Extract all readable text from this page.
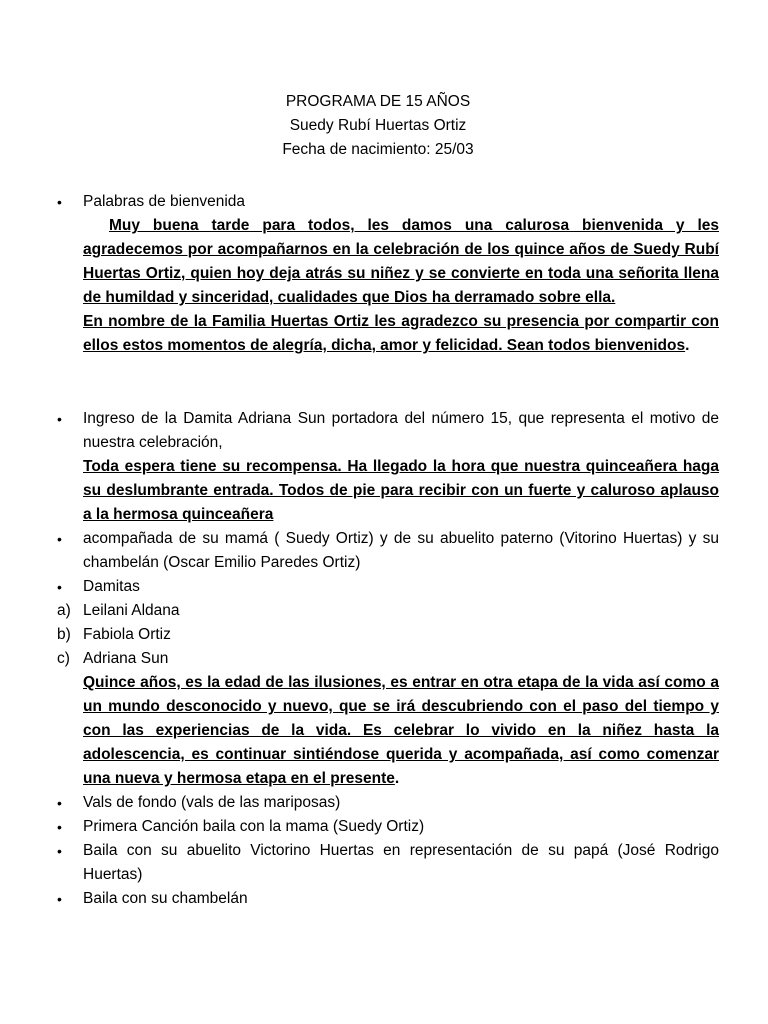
PROGRAMA DE 15 AÑOS
Suedy Rubí Huertas Ortiz
Fecha de nacimiento: 25/03
•	Palabras de bienvenida

Muy buena tarde para todos, les damos una calurosa bienvenida y les agradecemos por acompañarnos en la celebración de los quince años de Suedy Rubí Huertas Ortiz, quien hoy deja atrás su niñez y se convierte en toda una señorita llena de humildad y sinceridad, cualidades que Dios ha derramado sobre ella.

En nombre de la Familia Huertas Ortiz les agradezco su presencia por compartir con ellos estos momentos de alegría, dicha, amor y felicidad. Sean todos bienvenidos.

•	Ingreso de la Damita Adriana Sun portadora del número 15, que representa el motivo de nuestra celebración,

Toda espera tiene su recompensa. Ha llegado la hora que nuestra quinceañera haga su deslumbrante entrada. Todos de pie para recibir con un fuerte y caluroso aplauso a la hermosa quinceañera

•	acompañada de su mamá ( Suedy Ortiz) y de su abuelito paterno (Vitorino Huertas) y su chambelán (Oscar Emilio Paredes Ortiz)

•	Damitas
a) Leilani Aldana
b) Fabiola Ortiz
c) Adriana Sun

Quince años, es la edad de las ilusiones, es entrar en otra etapa de la vida así como a un mundo desconocido y nuevo, que se irá descubriendo con el paso del tiempo y con las experiencias de la vida. Es celebrar lo vivido en la niñez hasta la adolescencia, es continuar sintiéndose querida y acompañada, así como comenzar una nueva y hermosa etapa en el presente.

•	Vals de fondo (vals de las mariposas)
•	Primera Canción baila con la mama (Suedy Ortiz)
•	Baila con su abuelito Victorino Huertas en representación de su papá (José Rodrigo Huertas)

•	Baila con su chambelán
